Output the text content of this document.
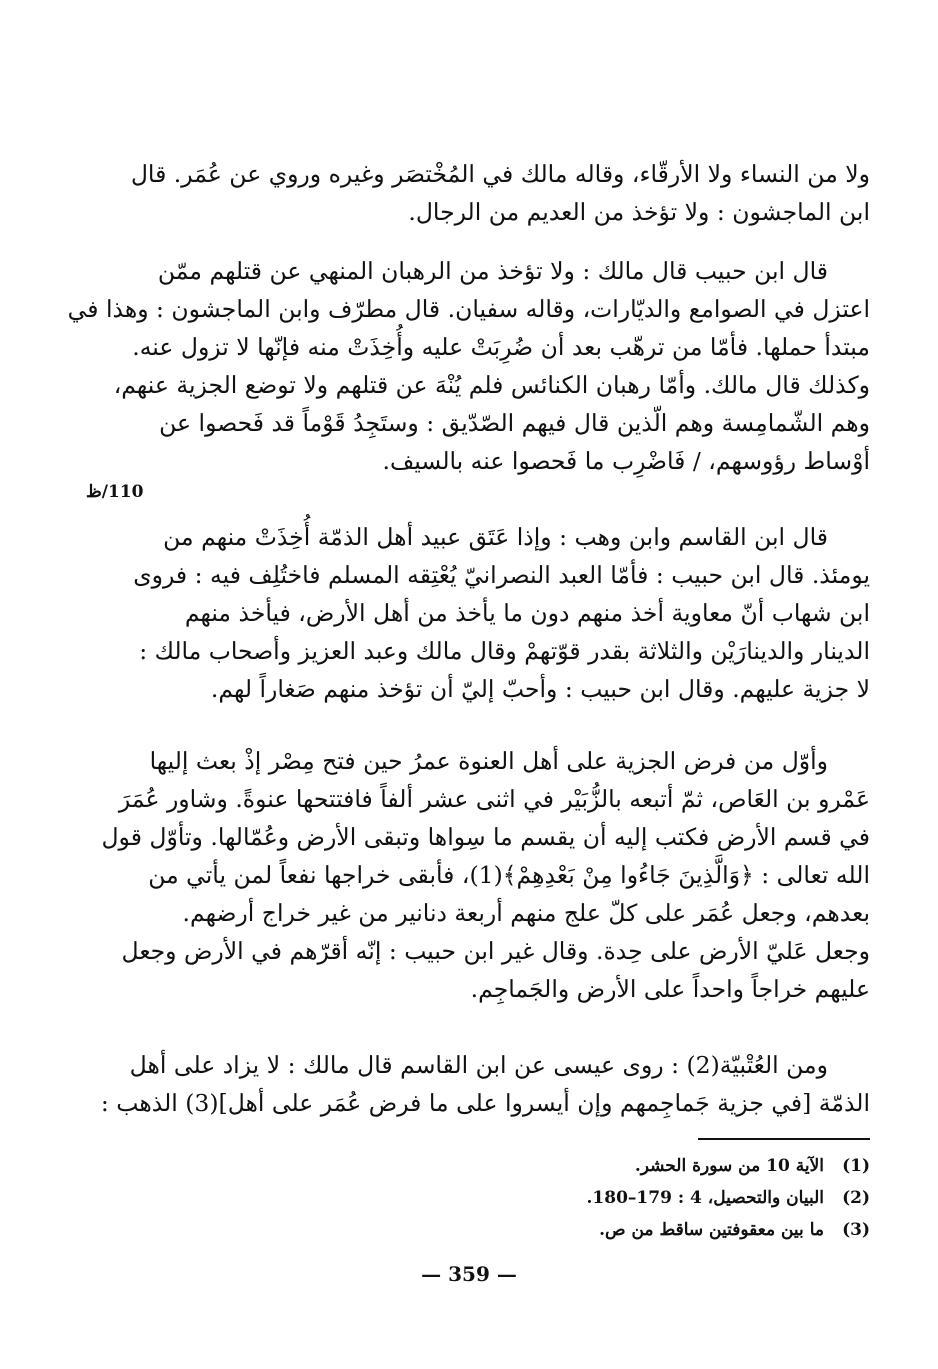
ولا من النساء ولا الأرقّاء، وقاله مالك في المُخْتصَر وغيره وروي عن عُمَر. قال
ابن الماجشون : ولا تؤخذ من العديم من الرجال.
قال ابن حبيب قال مالك : ولا تؤخذ من الرهبان المنهي عن قتلهم ممّن
اعتزل في الصوامع والديّارات، وقاله سفيان. قال مطرّف وابن الماجشون : وهذا في
مبتدأ حملها. فأمّا من ترهّب بعد أن ضُرِبَتْ عليه وأُخِذَتْ منه فإنّها لا تزول عنه.
وكذلك قال مالك. وأمّا رهبان الكنائس فلم يُنْهَ عن قتلهم ولا توضع الجزية عنهم،
وهم الشّمامِسة وهم الّذين قال فيهم الصّدّيق : وستَجِدُ قَوْماً قد فَحصوا عن
أوْساط رؤوسهم، / فَاضْرِب ما فَحصوا عنه بالسيف.
110/ظ
قال ابن القاسم وابن وهب : وإذا عَتَق عبيد أهل الذمّة أُخِذَتْ منهم من
يومئذ. قال ابن حبيب : فأمّا العبد النصرانيّ يُعْتِقه المسلم فاختُلِف فيه : فروى
ابن شهاب أنّ معاوية أخذ منهم دون ما يأخذ من أهل الأرض، فيأخذ منهم
الدينار والدينارَيْن والثلاثة بقدر قوّتهمْ وقال مالك وعبد العزيز وأصحاب مالك :
لا جزية عليهم. وقال ابن حبيب : وأحبّ إليّ أن تؤخذ منهم صَغاراً لهم.
وأوّل من فرض الجزية على أهل العنوة عمرُ حين فتح مِصْر إذْ بعث إليها
عَمْرو بن العَاص، ثمّ أتبعه بالزُّبَيْر في اثنى عشر ألفاً فافتتحها عنوةً. وشاور عُمَرَ
في قسم الأرض فكتب إليه أن يقسم ما سِواها وتبقى الأرض وعُمّالها. وتأوّل قول
الله تعالى : ﴿وَالَّذِينَ جَاءُوا مِنْ بَعْدِهِمْ﴾(1)، فأبقى خراجها نفعاً لمن يأتي من
بعدهم، وجعل عُمَر على كلّ علج منهم أربعة دنانير من غير خراج أرضهم.
وجعل عَليّ الأرض على حِدة. وقال غير ابن حبيب : إنّه أقرّهم في الأرض وجعل
عليهم خراجاً واحداً على الأرض والجَماجِم.
ومن العُتْبيّة(2) : روى عيسى عن ابن القاسم قال مالك : لا يزاد على أهل
الذمّة [في جزية جَماجِمهم وإن أيسروا على ما فرض عُمَر على أهل](3) الذهب :
(1)
الآية 10 من سورة الحشر.
(2)
البيان والتحصيل، 4 : 179–180.
(3)
ما بين معقوفتين ساقط من ص.
— 359 —
